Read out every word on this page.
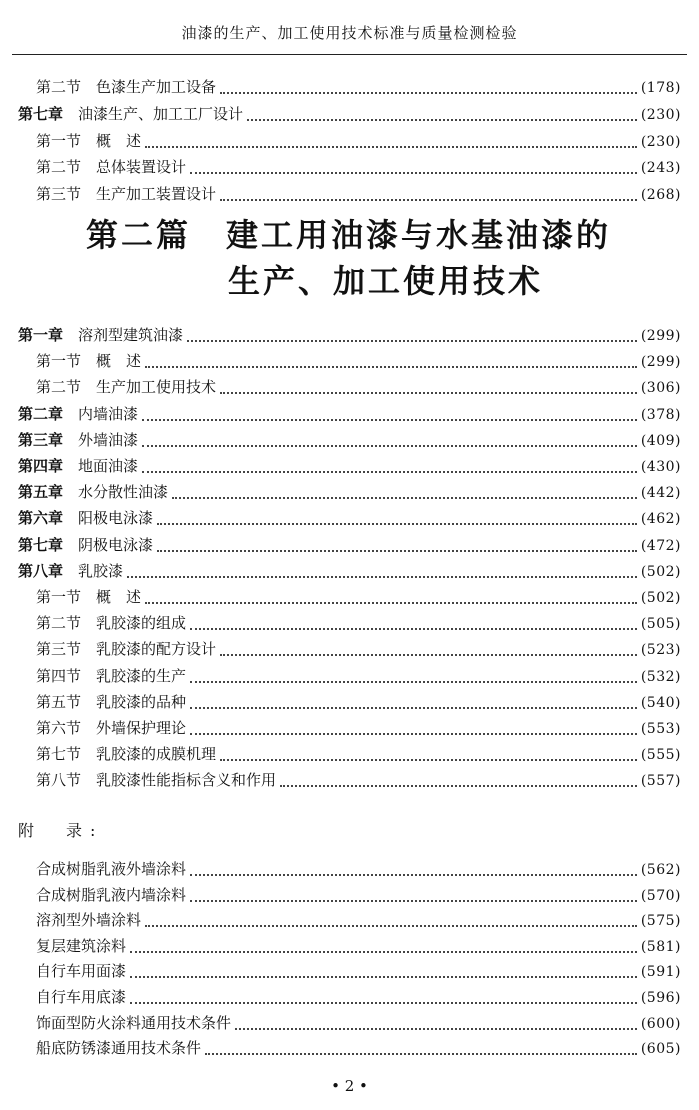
油漆的生产、加工使用技术标准与质量检测检验
第二节 色漆生产加工设备	(178)
第七章 油漆生产、加工工厂设计	(230)
第一节 概　述	(230)
第二节 总体装置设计	(243)
第三节 生产加工装置设计	(268)
第二篇　建工用油漆与水基油漆的
生产、加工使用技术
第一章 溶剂型建筑油漆	(299)
第一节 概　述	(299)
第二节 生产加工使用技术	(306)
第二章 内墙油漆	(378)
第三章 外墙油漆	(409)
第四章 地面油漆	(430)
第五章 水分散性油漆	(442)
第六章 阳极电泳漆	(462)
第七章 阴极电泳漆	(472)
第八章 乳胶漆	(502)
第一节 概　述	(502)
第二节 乳胶漆的组成	(505)
第三节 乳胶漆的配方设计	(523)
第四节 乳胶漆的生产	(532)
第五节 乳胶漆的品种	(540)
第六节 外墙保护理论	(553)
第七节 乳胶漆的成膜机理	(555)
第八节 乳胶漆性能指标含义和作用	(557)
附　录:
合成树脂乳液外墙涂料	(562)
合成树脂乳液内墙涂料	(570)
溶剂型外墙涂料	(575)
复层建筑涂料	(581)
自行车用面漆	(591)
自行车用底漆	(596)
饰面型防火涂料通用技术条件	(600)
船底防锈漆通用技术条件	(605)
• 2 •
